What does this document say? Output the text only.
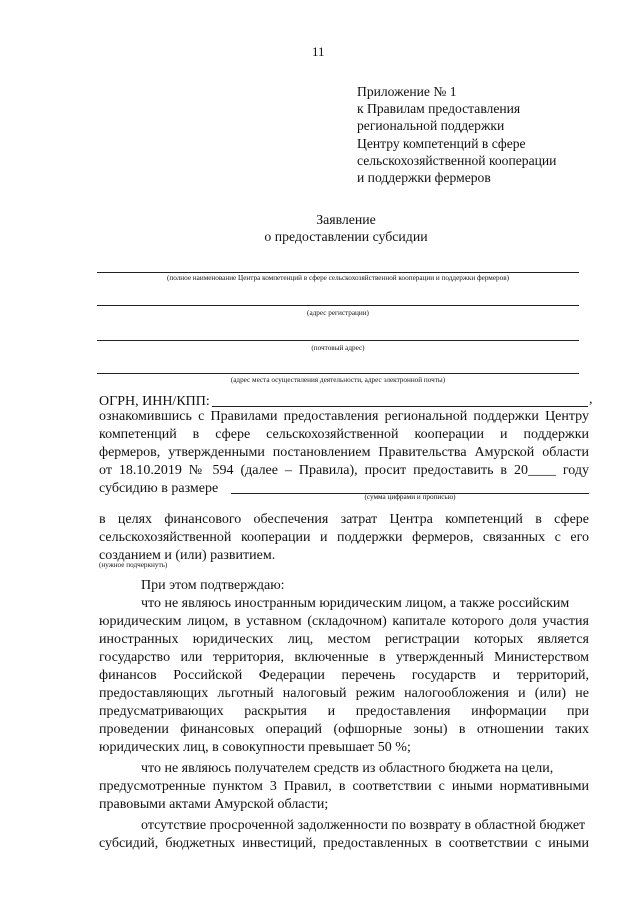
11
Приложение № 1
к Правилам предоставления
региональной поддержки
Центру компетенций в сфере
сельскохозяйственной кооперации
и поддержки фермеров
Заявление
о предоставлении субсидии
(полное наименование Центра компетенций в сфере сельскохозяйственной кооперации и поддержки фермеров)
(адрес регистрации)
(почтовый адрес)
(адрес места осуществления деятельности, адрес электронной почты)
ОГРН, ИНН/КПП:	,
ознакомившись с Правилами предоставления региональной поддержки Центру
компетенций в сфере сельскохозяйственной кооперации и поддержки
фермеров, утвержденными постановлением Правительства Амурской области
от 18.10.2019 № 594 (далее – Правила), просит предоставить в 20____ году
субсидию в размере
(сумма цифрами и прописью)
в целях финансового обеспечения затрат Центра компетенций в сфере
сельскохозяйственной кооперации и поддержки фермеров, связанных с его
созданием и (или) развитием.
(нужное подчеркнуть)
При этом подтверждаю:
что не являюсь иностранным юридическим лицом, а также российским
юридическим лицом, в уставном (складочном) капитале которого доля участия
иностранных юридических лиц, местом регистрации которых является
государство или территория, включенные в утвержденный Министерством
финансов Российской Федерации перечень государств и территорий,
предоставляющих льготный налоговый режим налогообложения и (или) не
предусматривающих раскрытия и предоставления информации при
проведении финансовых операций (офшорные зоны) в отношении таких
юридических лиц, в совокупности превышает 50 %;
что не являюсь получателем средств из областного бюджета на цели,
предусмотренные пунктом 3 Правил, в соответствии с иными нормативными
правовыми актами Амурской области;
отсутствие просроченной задолженности по возврату в областной бюджет
субсидий, бюджетных инвестиций, предоставленных в соответствии с иными
